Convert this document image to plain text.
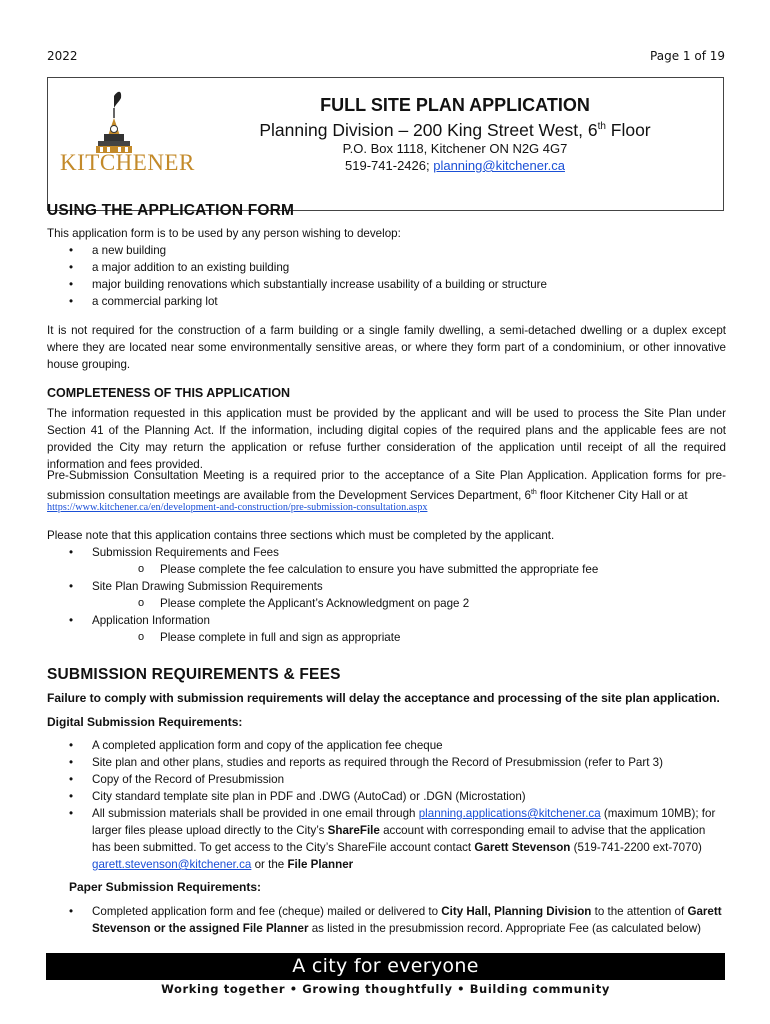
2022	Page 1 of 19
KITCHENER
FULL SITE PLAN APPLICATION
Planning Division – 200 King Street West, 6th Floor
P.O. Box 1118, Kitchener ON N2G 4G7
519-741-2426; planning@kitchener.ca
USING THE APPLICATION FORM
This application form is to be used by any person wishing to develop:
• a new building
• a major addition to an existing building
• major building renovations which substantially increase usability of a building or structure
• a commercial parking lot
It is not required for the construction of a farm building or a single family dwelling, a semi-detached dwelling or a duplex except where they are located near some environmentally sensitive areas, or where they form part of a condominium, or other innovative house grouping.
COMPLETENESS OF THIS APPLICATION
The information requested in this application must be provided by the applicant and will be used to process the Site Plan under Section 41 of the Planning Act. If the information, including digital copies of the required plans and the applicable fees are not provided the City may return the application or refuse further consideration of the application until receipt of all the required information and fees provided.
Pre-Submission Consultation Meeting is a required prior to the acceptance of a Site Plan Application. Application forms for pre-submission consultation meetings are available from the Development Services Department, 6th floor Kitchener City Hall or at
https://www.kitchener.ca/en/development-and-construction/pre-submission-consultation.aspx
Please note that this application contains three sections which must be completed by the applicant.
• Submission Requirements and Fees
o Please complete the fee calculation to ensure you have submitted the appropriate fee
• Site Plan Drawing Submission Requirements
o Please complete the Applicant’s Acknowledgment on page 2
• Application Information
o Please complete in full and sign as appropriate
SUBMISSION REQUIREMENTS & FEES
Failure to comply with submission requirements will delay the acceptance and processing of the site plan application.
Digital Submission Requirements:
• A completed application form and copy of the application fee cheque
• Site plan and other plans, studies and reports as required through the Record of Presubmission (refer to Part 3)
• Copy of the Record of Presubmission
• City standard template site plan in PDF and .DWG (AutoCad) or .DGN (Microstation)
• All submission materials shall be provided in one email through planning.applications@kitchener.ca (maximum 10MB); for larger files please upload directly to the City’s ShareFile account with corresponding email to advise that the application has been submitted. To get access to the City’s ShareFile account contact Garett Stevenson (519-741-2200 ext-7070) garett.stevenson@kitchener.ca or the File Planner
Paper Submission Requirements:
• Completed application form and fee (cheque) mailed or delivered to City Hall, Planning Division to the attention of Garett Stevenson or the assigned File Planner as listed in the presubmission record. Appropriate Fee (as calculated below)
A city for everyone
Working together • Growing thoughtfully • Building community
